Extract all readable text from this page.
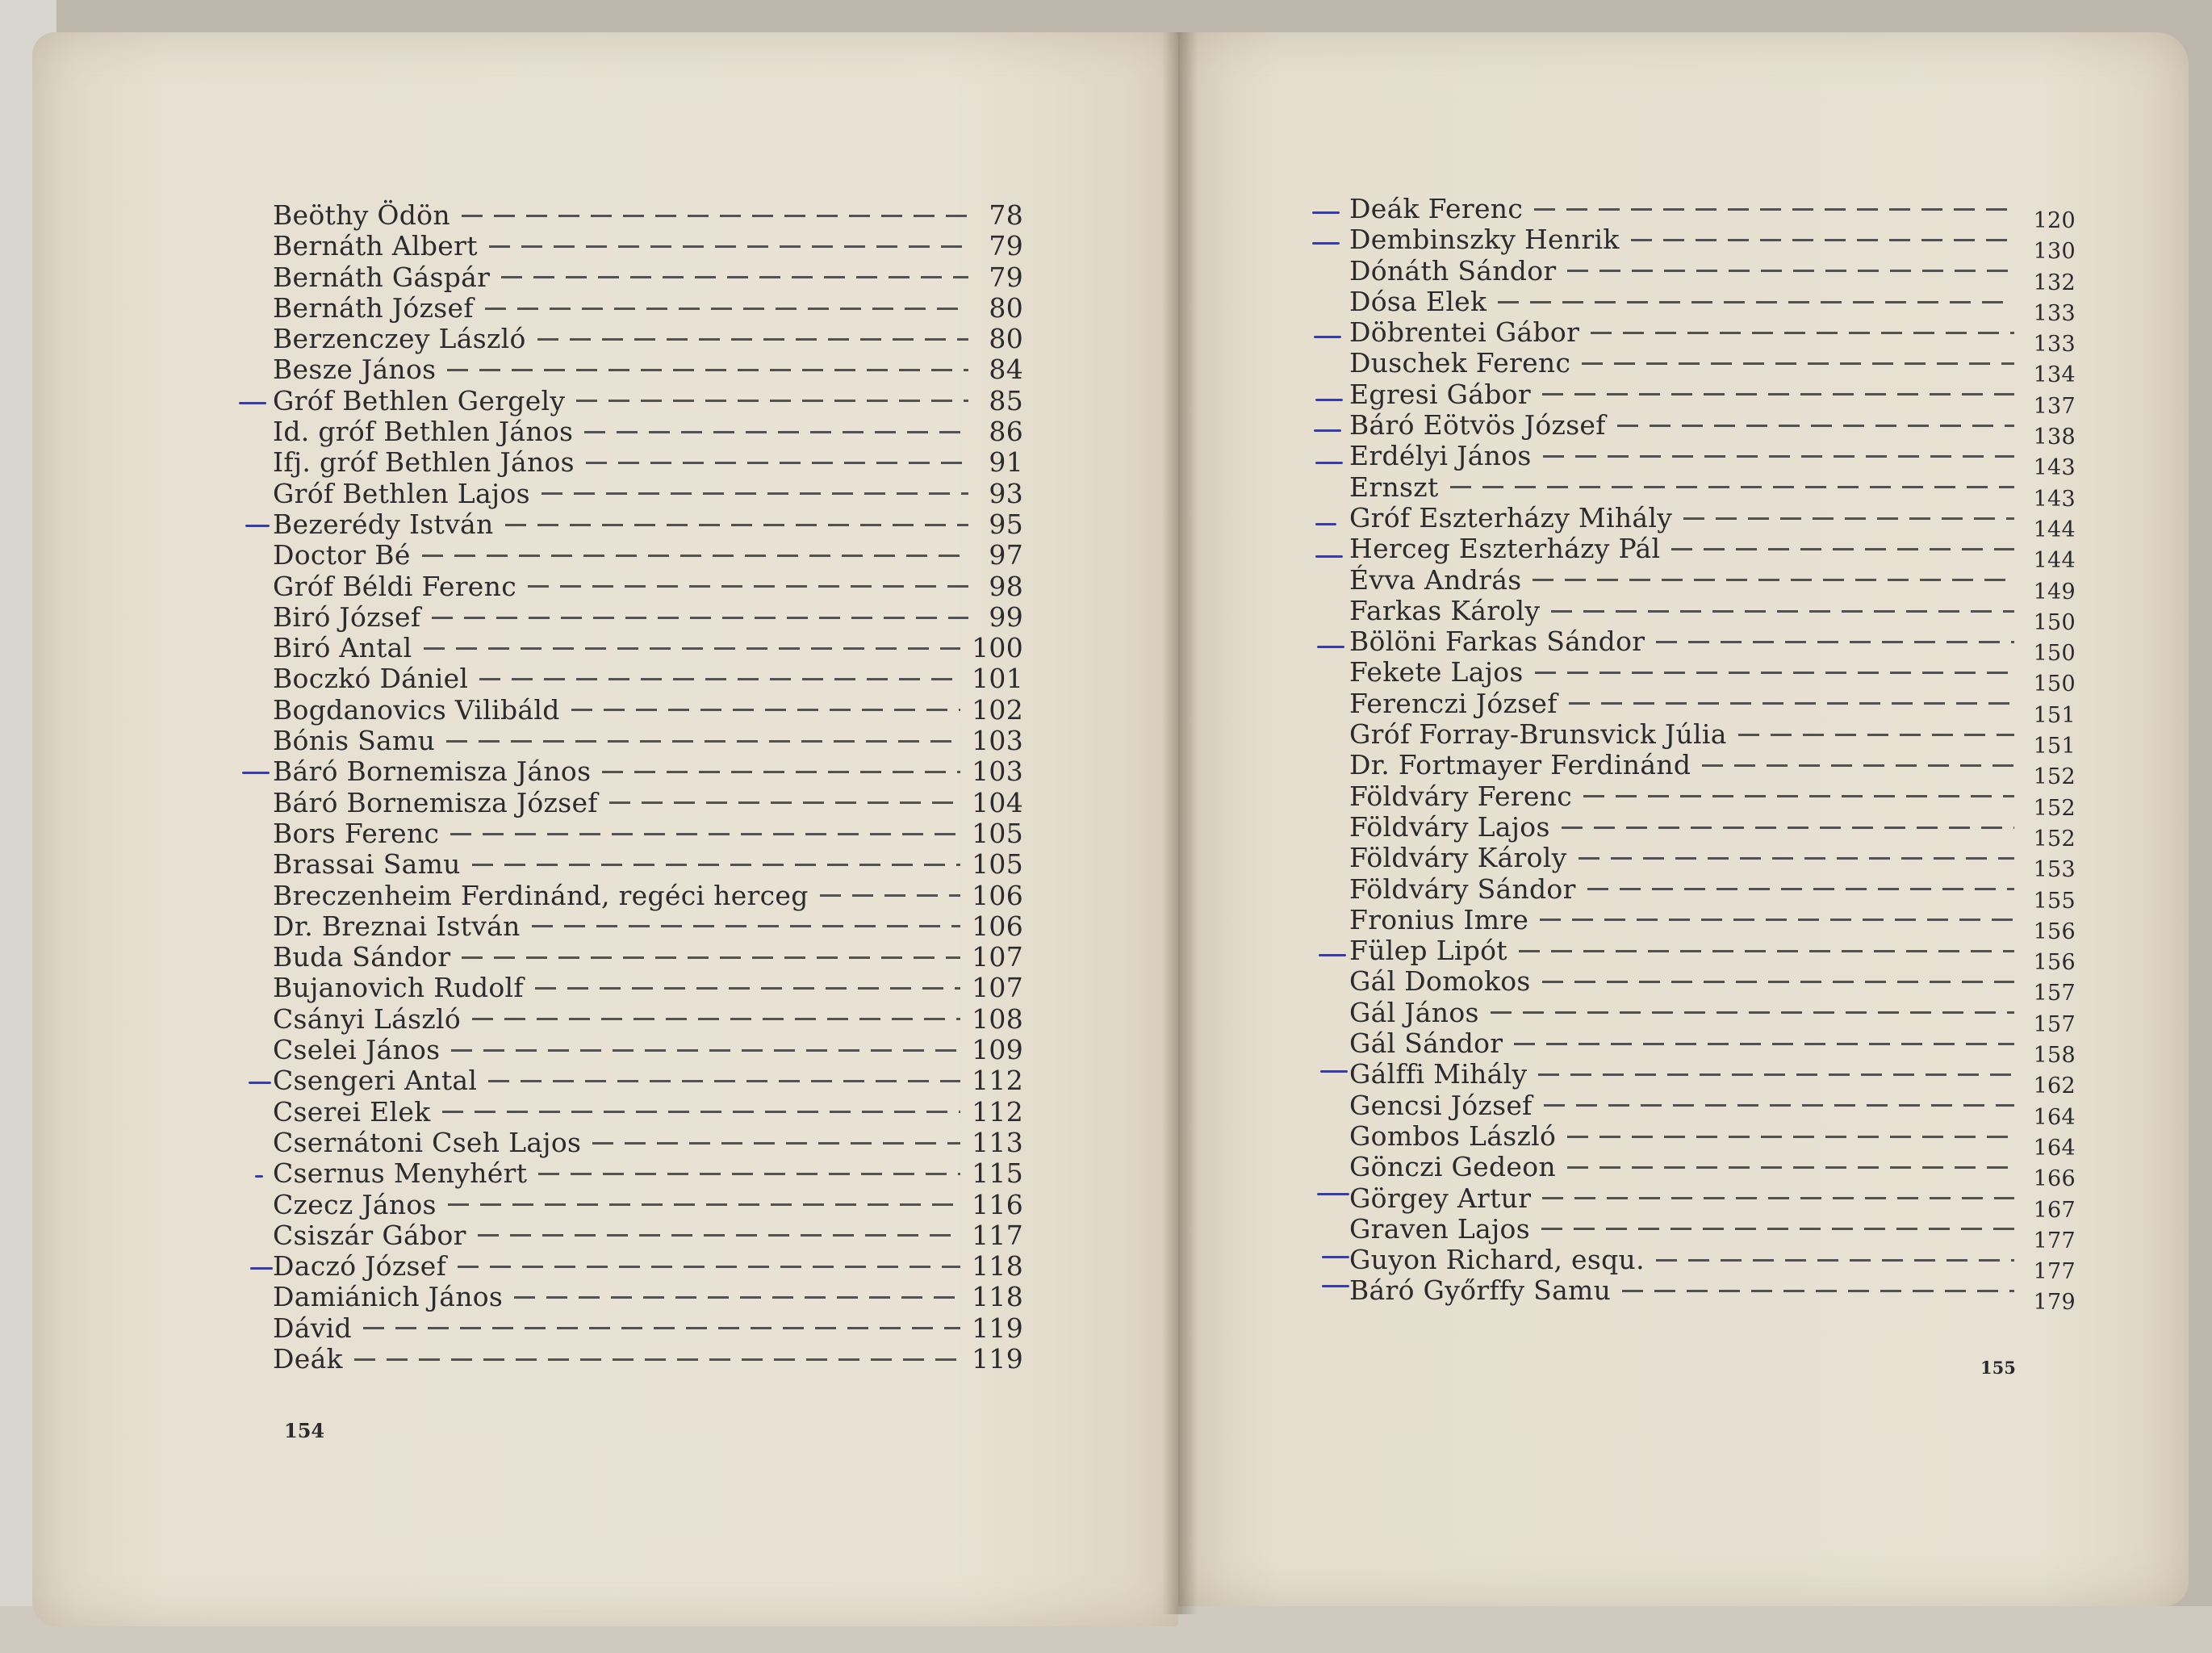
Beöthy Ödön	78
Bernáth Albert	79
Bernáth Gáspár	79
Bernáth József	80
Berzenczey László	80
Besze János	84
Gróf Bethlen Gergely	85
Id. gróf Bethlen János	86
Ifj. gróf Bethlen János	91
Gróf Bethlen Lajos	93
Bezerédy István	95
Doctor Bé	97
Gróf Béldi Ferenc	98
Biró József	99
Biró Antal	100
Boczkó Dániel	101
Bogdanovics Vilibáld	102
Bónis Samu	103
Báró Bornemisza János	103
Báró Bornemisza József	104
Bors Ferenc	105
Brassai Samu	105
Breczenheim Ferdinánd, regéci herceg	106
Dr. Breznai István	106
Buda Sándor	107
Bujanovich Rudolf	107
Csányi László	108
Cselei János	109
Csengeri Antal	112
Cserei Elek	112
Csernátoni Cseh Lajos	113
Csernus Menyhért	115
Czecz János	116
Csiszár Gábor	117
Daczó József	118
Damiánich János	118
Dávid	119
Deák	119
Deák Ferenc	120
Dembinszky Henrik	130
Dónáth Sándor	132
Dósa Elek	133
Döbrentei Gábor	133
Duschek Ferenc	134
Egresi Gábor	137
Báró Eötvös József	138
Erdélyi János	143
Ernszt	143
Gróf Eszterházy Mihály	144
Herceg Eszterházy Pál	144
Évva András	149
Farkas Károly	150
Bölöni Farkas Sándor	150
Fekete Lajos	150
Ferenczi József	151
Gróf Forray-Brunsvick Júlia	151
Dr. Fortmayer Ferdinánd	152
Földváry Ferenc	152
Földváry Lajos	152
Földváry Károly	153
Földváry Sándor	155
Fronius Imre	156
Fülep Lipót	156
Gál Domokos	157
Gál János	157
Gál Sándor	158
Gálffi Mihály	162
Gencsi József	164
Gombos László	164
Gönczi Gedeon	166
Görgey Artur	167
Graven Lajos	177
Guyon Richard, esqu.	177
Báró Győrffy Samu	179
154
155
